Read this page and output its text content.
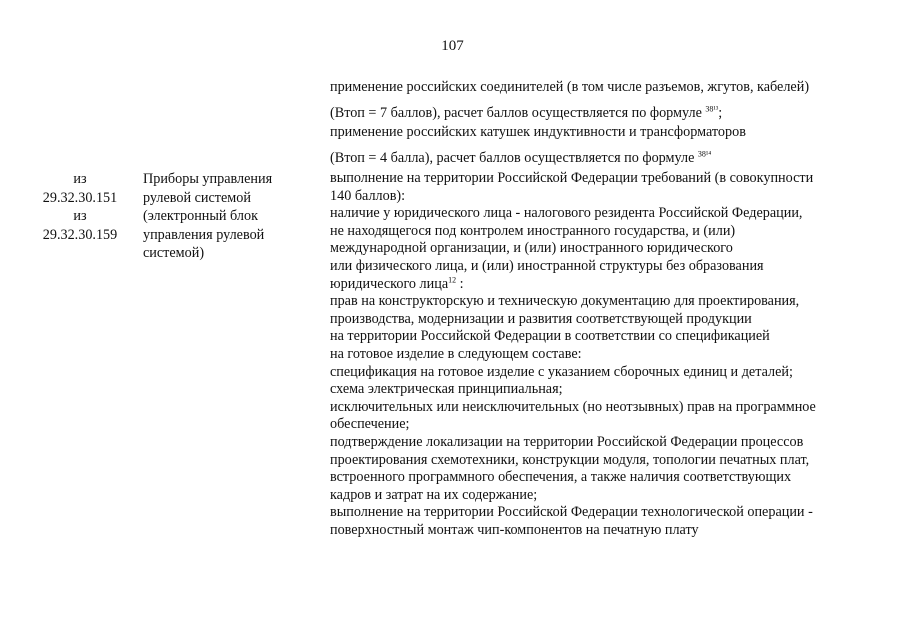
107
применение российских соединителей (в том числе разъемов, жгутов, кабелей)
(Втоп = 7 баллов), расчет баллов осуществляется по формуле $^{38^{13}}$;
применение российских катушек индуктивности и трансформаторов
(Втоп = 4 балла), расчет баллов осуществляется по формуле $^{38^{14}}$
из
29.32.30.151
из
29.32.30.159
Приборы управления
рулевой системой
(электронный блок
управления рулевой
системой)
выполнение на территории Российской Федерации требований (в совокупности
140 баллов):
наличие у юридического лица - налогового резидента Российской Федерации,
не находящегося под контролем иностранного государства, и (или)
международной организации, и (или) иностранного юридического
или физического лица, и (или) иностранной структуры без образования
юридического лица$^{12}$ :
прав на конструкторскую и техническую документацию для проектирования,
производства, модернизации и развития соответствующей продукции
на территории Российской Федерации в соответствии со спецификацией
на готовое изделие в следующем составе:
спецификация на готовое изделие с указанием сборочных единиц и деталей;
схема электрическая принципиальная;
исключительных или неисключительных (но неотзывных) прав на программное
обеспечение;
подтверждение локализации на территории Российской Федерации процессов
проектирования схемотехники, конструкции модуля, топологии печатных плат,
встроенного программного обеспечения, а также наличия соответствующих
кадров и затрат на их содержание;
выполнение на территории Российской Федерации технологической операции -
поверхностный монтаж чип-компонентов на печатную плату
